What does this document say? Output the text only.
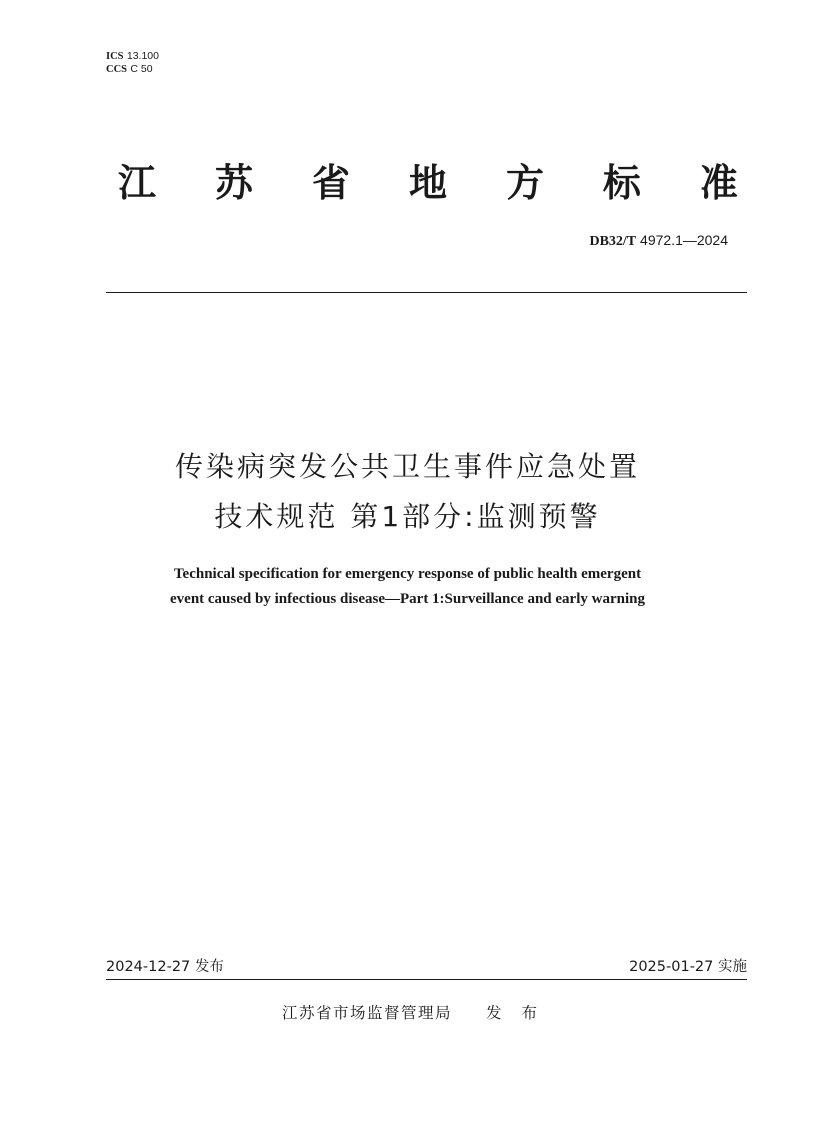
ICS 13.100
CCS C 50
江 苏 省 地 方 标 准
DB32/T 4972.1—2024
传染病突发公共卫生事件应急处置
技术规范 第1部分:监测预警
Technical specification for emergency response of public health emergent
event caused by infectious disease—Part 1:Surveillance and early warning
2024-12-27 发布	2025-01-27 实施
江苏省市场监督管理局 发布
